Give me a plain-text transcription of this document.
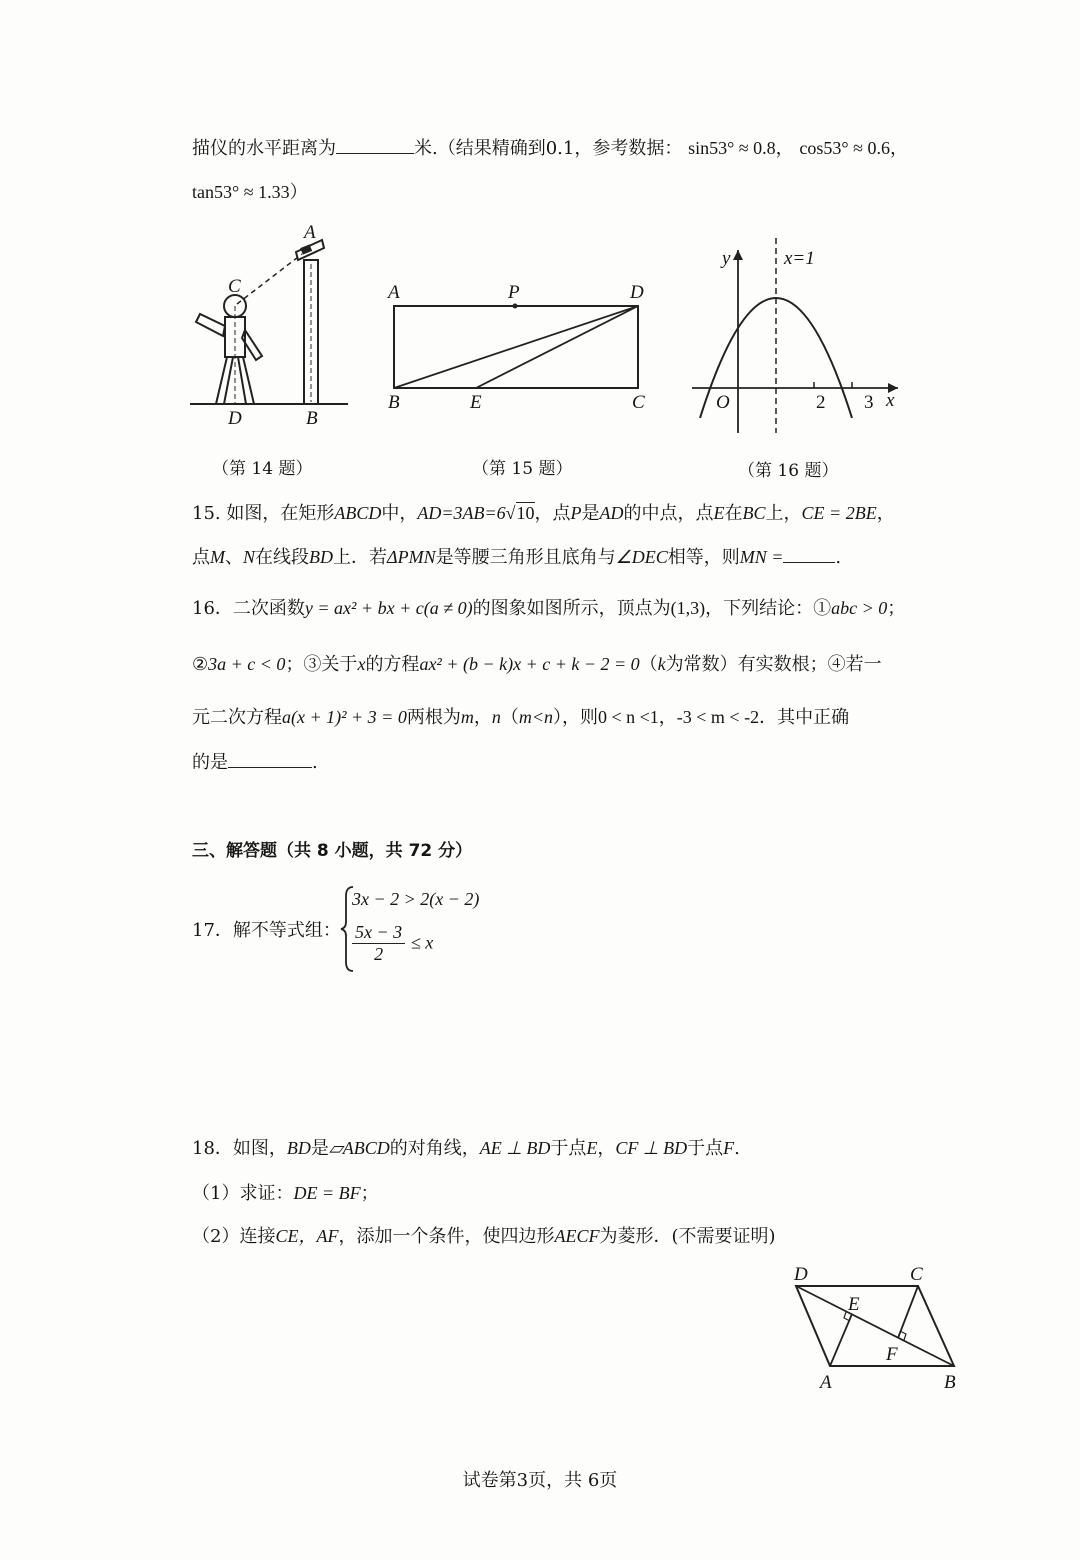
描仪的水平距离为	米.（结果精确到0.1，参考数据： sin53° ≈ 0.8， cos53° ≈ 0.6，
tan53° ≈ 1.33）
A
C
D	B
（第 14 题）
A	P	D
B	E	C
（第 15 题）
y	x=1
O	2 3 x
（第 16 题）
15. 如图，在矩形ABCD中，AD=3AB=6√10，点P是AD的中点，点E在BC上，CE = 2BE，
点M、N在线段BD上．若ΔPMN是等腰三角形且底角与∠DEC相等，则MN =	.
16．二次函数y = ax² + bx + c(a ≠ 0)的图象如图所示，顶点为(1,3)，下列结论：①abc > 0；
②3a + c < 0；③关于x的方程ax² + (b − k)x + c + k − 2 = 0（k为常数）有实数根；④若一
元二次方程a(x + 1)² + 3 = 0两根为m，n（m<n），则0 < n <1，-3 < m < -2．其中正确
的是	.
三、解答题（共 8 小题，共 72 分）
17．解不等式组：
3x − 2 > 2(x − 2)
$\frac{5x - 3}{2} \le x$
18．如图，BD是▱ABCD的对角线，AE ⊥ BD于点E，CF ⊥ BD于点F.
（1）求证：DE = BF；
（2）连接CE，AF，添加一个条件，使四边形AECF为菱形．(不需要证明)
D	C
E
F
A	B
试卷第3页，共 6页
